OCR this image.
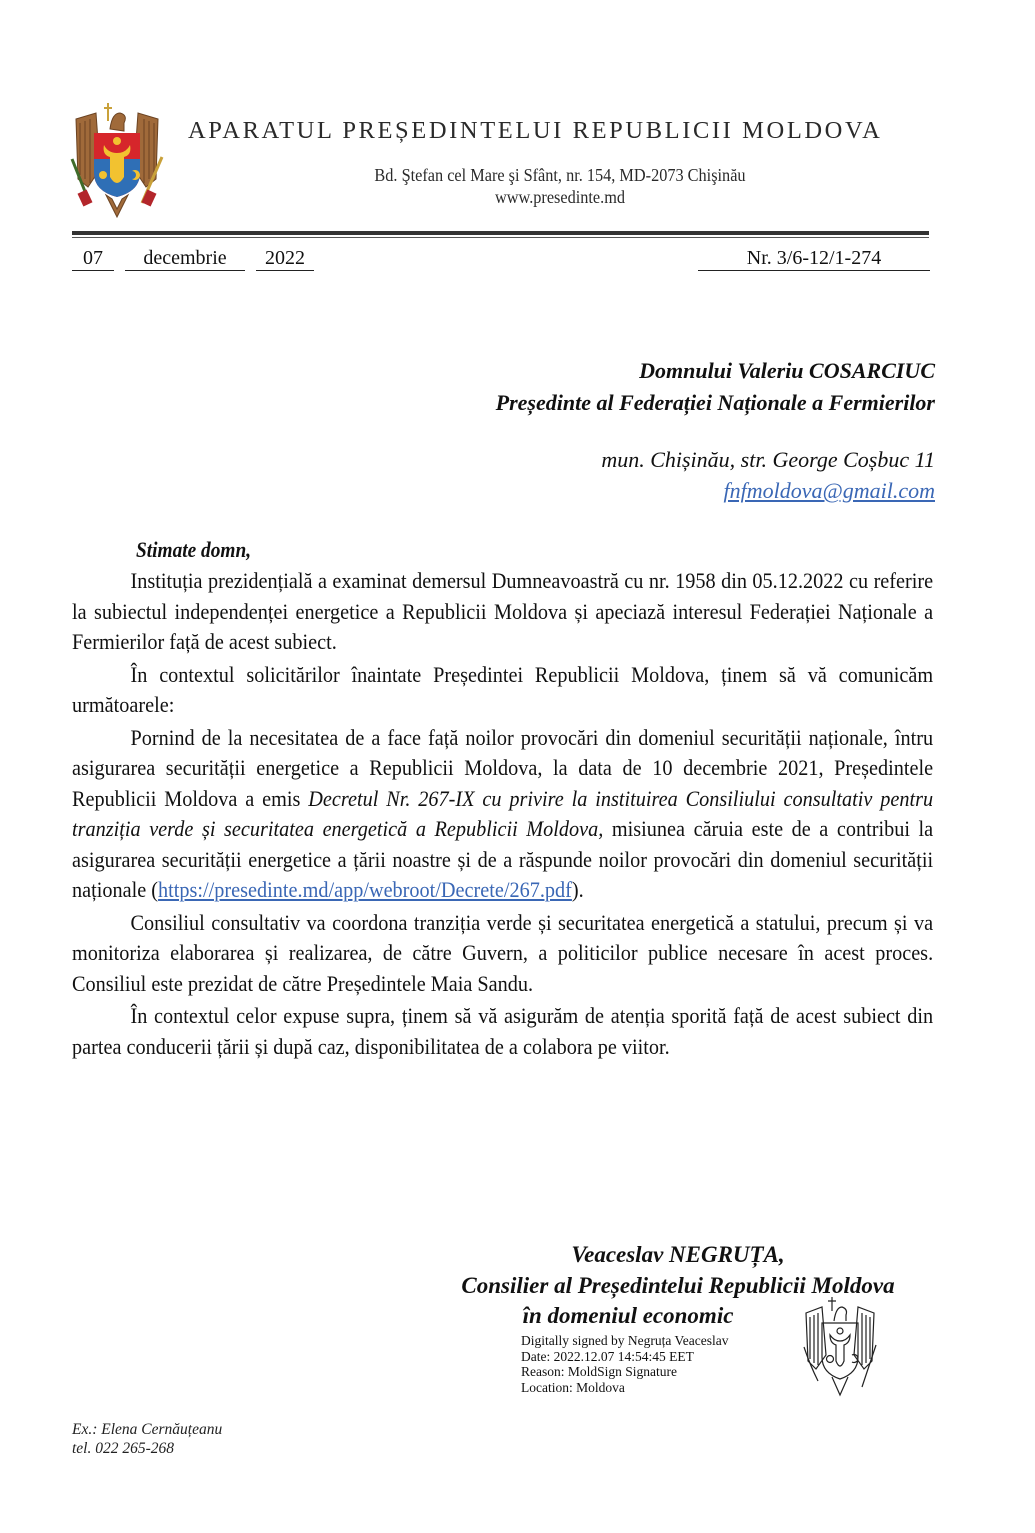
APARATUL PREȘEDINTELUI REPUBLICII MOLDOVA
Bd. Ştefan cel Mare şi Sfânt, nr. 154, MD-2073 Chişinău
www.presedinte.md
07	decembrie	2022	Nr. 3/6-12/1-274
Domnului Valeriu COSARCIUC
Președinte al Federației Naționale a Fermierilor
mun. Chișinău, str. George Coșbuc 11
fnfmoldova@gmail.com
Stimate domn,

Instituția prezidențială a examinat demersul Dumneavoastră cu nr. 1958 din 05.12.2022 cu referire la subiectul independenței energetice a Republicii Moldova și apeciază interesul Federației Naționale a Fermierilor față de acest subiect.

În contextul solicitărilor înaintate Președintei Republicii Moldova, ținem să vă comunicăm următoarele:

Pornind de la necesitatea de a face față noilor provocări din domeniul securității naționale, întru asigurarea securității energetice a Republicii Moldova, la data de 10 decembrie 2021, Președintele Republicii Moldova a emis Decretul Nr. 267-IX cu privire la instituirea Consiliului consultativ pentru tranziția verde și securitatea energetică a Republicii Moldova, misiunea căruia este de a contribui la asigurarea securității energetice a țării noastre și de a răspunde noilor provocări din domeniul securității naționale (https://presedinte.md/app/webroot/Decrete/267.pdf).

Consiliul consultativ va coordona tranziția verde și securitatea energetică a statului, precum și va monitoriza elaborarea și realizarea, de către Guvern, a politicilor publice necesare în acest proces. Consiliul este prezidat de către Președintele Maia Sandu.

În contextul celor expuse supra, ținem să vă asigurăm de atenția sporită față de acest subiect din partea conducerii țării și după caz, disponibilitatea de a colabora pe viitor.

Veaceslav NEGRUȚA,
Consilier al Președintelui Republicii Moldova
în domeniul economic
Digitally signed by Negruța Veaceslav
Date: 2022.12.07 14:54:45 EET
Reason: MoldSign Signature
Location: Moldova
Ex.: Elena Cernăuțeanu
tel. 022 265-268
